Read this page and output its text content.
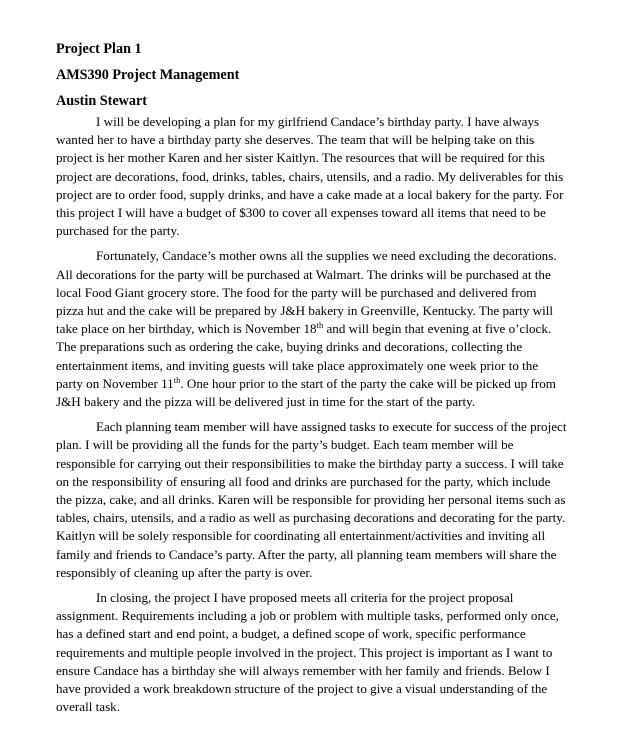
Project Plan 1

AMS390 Project Management

Austin Stewart

I will be developing a plan for my girlfriend Candace’s birthday party. I have always
wanted her to have a birthday party she deserves. The team that will be helping take on this
project is her mother Karen and her sister Kaitlyn. The resources that will be required for this
project are decorations, food, drinks, tables, chairs, utensils, and a radio. My deliverables for this
project are to order food, supply drinks, and have a cake made at a local bakery for the party. For
this project I will have a budget of $300 to cover all expenses toward all items that need to be
purchased for the party.
Fortunately, Candace’s mother owns all the supplies we need excluding the decorations.
All decorations for the party will be purchased at Walmart. The drinks will be purchased at the
local Food Giant grocery store. The food for the party will be purchased and delivered from
pizza hut and the cake will be prepared by J&H bakery in Greenville, Kentucky. The party will
take place on her birthday, which is November 18th and will begin that evening at five o’clock.
The preparations such as ordering the cake, buying drinks and decorations, collecting the
entertainment items, and inviting guests will take place approximately one week prior to the
party on November 11th. One hour prior to the start of the party the cake will be picked up from
J&H bakery and the pizza will be delivered just in time for the start of the party.
Each planning team member will have assigned tasks to execute for success of the project
plan. I will be providing all the funds for the party’s budget. Each team member will be
responsible for carrying out their responsibilities to make the birthday party a success. I will take
on the responsibility of ensuring all food and drinks are purchased for the party, which include
the pizza, cake, and all drinks. Karen will be responsible for providing her personal items such as
tables, chairs, utensils, and a radio as well as purchasing decorations and decorating for the party.
Kaitlyn will be solely responsible for coordinating all entertainment/activities and inviting all
family and friends to Candace’s party. After the party, all planning team members will share the
responsibly of cleaning up after the party is over.
In closing, the project I have proposed meets all criteria for the project proposal
assignment. Requirements including a job or problem with multiple tasks, performed only once,
has a defined start and end point, a budget, a defined scope of work, specific performance
requirements and multiple people involved in the project. This project is important as I want to
ensure Candace has a birthday she will always remember with her family and friends. Below I
have provided a work breakdown structure of the project to give a visual understanding of the
overall task.
